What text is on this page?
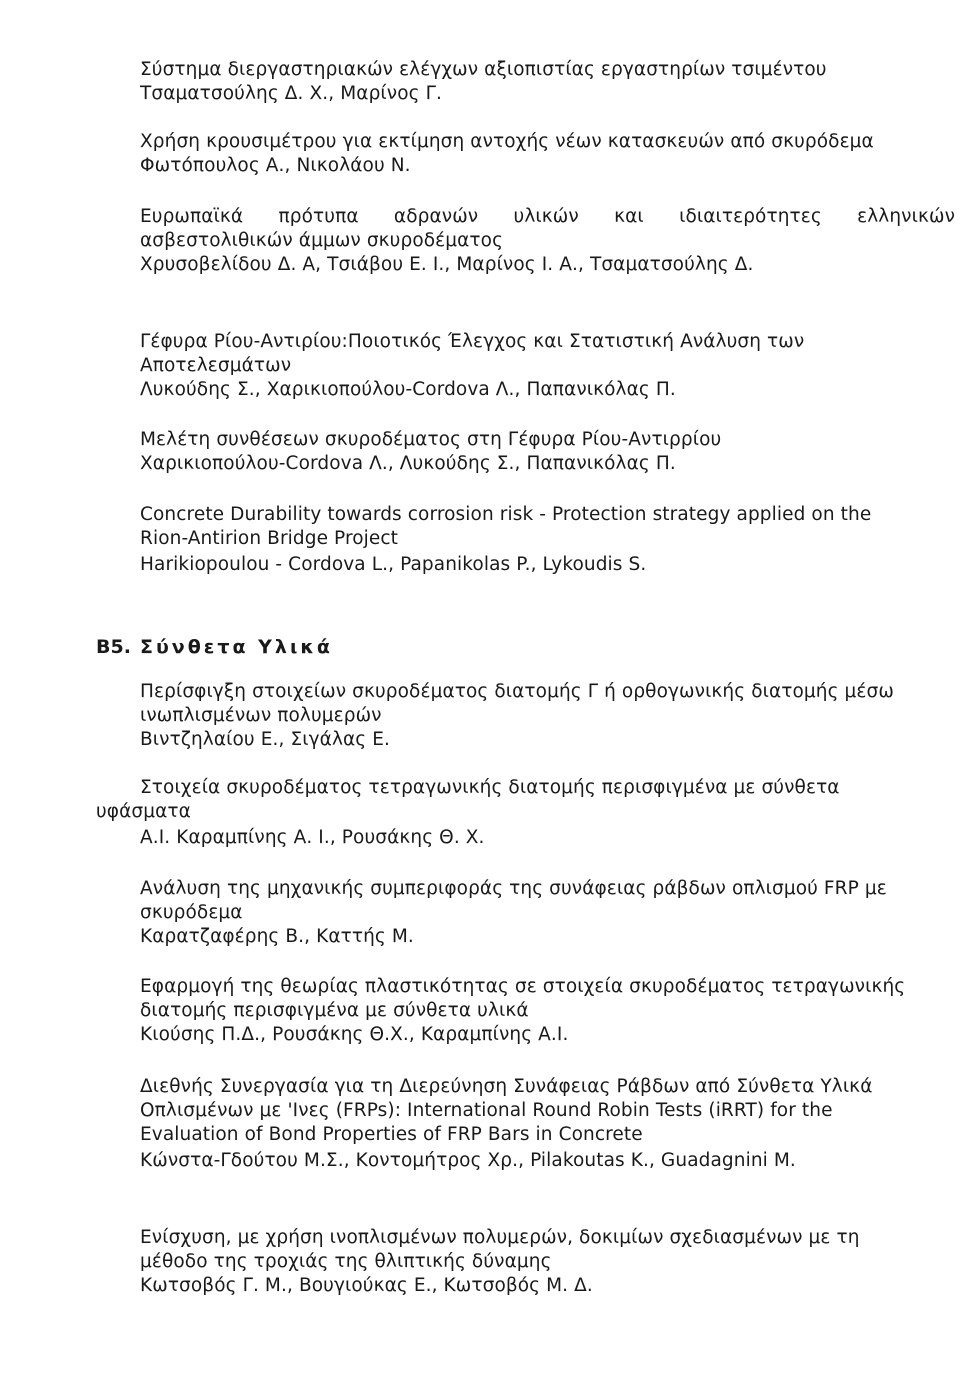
Σύστημα διεργαστηριακών ελέγχων αξιοπιστίας εργαστηρίων τσιμέντου
Τσαματσούλης Δ. Χ., Μαρίνος Γ.
Χρήση κρουσιμέτρου για εκτίμηση αντοχής νέων κατασκευών από σκυρόδεμα
Φωτόπουλος Α., Νικολάου Ν.
Ευρωπαϊκά πρότυπα αδρανών υλικών και ιδιαιτερότητες ελληνικών
ασβεστολιθικών άμμων σκυροδέματος
Χρυσοβελίδου Δ. Α, Τσιάβου Ε. Ι., Μαρίνος Ι. Α., Τσαματσούλης Δ.
Γέφυρα Ρίου-Αντιρίου:Ποιοτικός Έλεγχος και Στατιστική Ανάλυση των
Αποτελεσμάτων
Λυκούδης Σ., Χαρικιοπούλου-Cordova Λ., Παπανικόλας Π.
Μελέτη συνθέσεων σκυροδέματος στη Γέφυρα Ρίου-Αντιρρίου
Χαρικιοπούλου-Cordova Λ., Λυκούδης Σ., Παπανικόλας Π.
Concrete Durability towards corrosion risk - Protection strategy applied on the
Rion-Antirion Bridge Project
Harikiopoulou - Cordova L., Papanikolas P., Lykoudis S.
Περίσφιγξη στοιχείων σκυροδέματος διατομής Γ ή ορθογωνικής διατομής μέσω
ινωπλισμένων πολυμερών
Βιντζηλαίου Ε., Σιγάλας Ε.
Στοιχεία σκυροδέματος τετραγωνικής διατομής περισφιγμένα με σύνθετα
υφάσματα
Α.Ι. Καραμπίνης Α. Ι., Ρουσάκης Θ. Χ.
Ανάλυση της μηχανικής συμπεριφοράς της συνάφειας ράβδων οπλισμού FRP με
σκυρόδεμα
Καρατζαφέρης Β., Καττής Μ.
Εφαρμογή της θεωρίας πλαστικότητας σε στοιχεία σκυροδέματος τετραγωνικής
διατομής περισφιγμένα με σύνθετα υλικά
Κιούσης Π.Δ., Ρουσάκης Θ.Χ., Καραμπίνης Α.Ι.
Διεθνής Συνεργασία για τη Διερεύνηση Συνάφειας Ράβδων από Σύνθετα Υλικά
Οπλισμένων με 'Ινες (FRPs): International Round Robin Tests (iRRT) for the
Evaluation of Bond Properties of FRP Bars in Concrete
Κώνστα-Γδούτου Μ.Σ., Κοντομήτρος Χρ., Pilakoutas K., Guadagnini M.
Ενίσχυση, με χρήση ινοπλισμένων πολυμερών, δοκιμίων σχεδιασμένων με τη
μέθοδο της τροχιάς της θλιπτικής δύναμης
Κωτσοβός Γ. Μ., Βουγιούκας Ε., Κωτσοβός Μ. Δ.
B5. Σύνθετα Υλικά
